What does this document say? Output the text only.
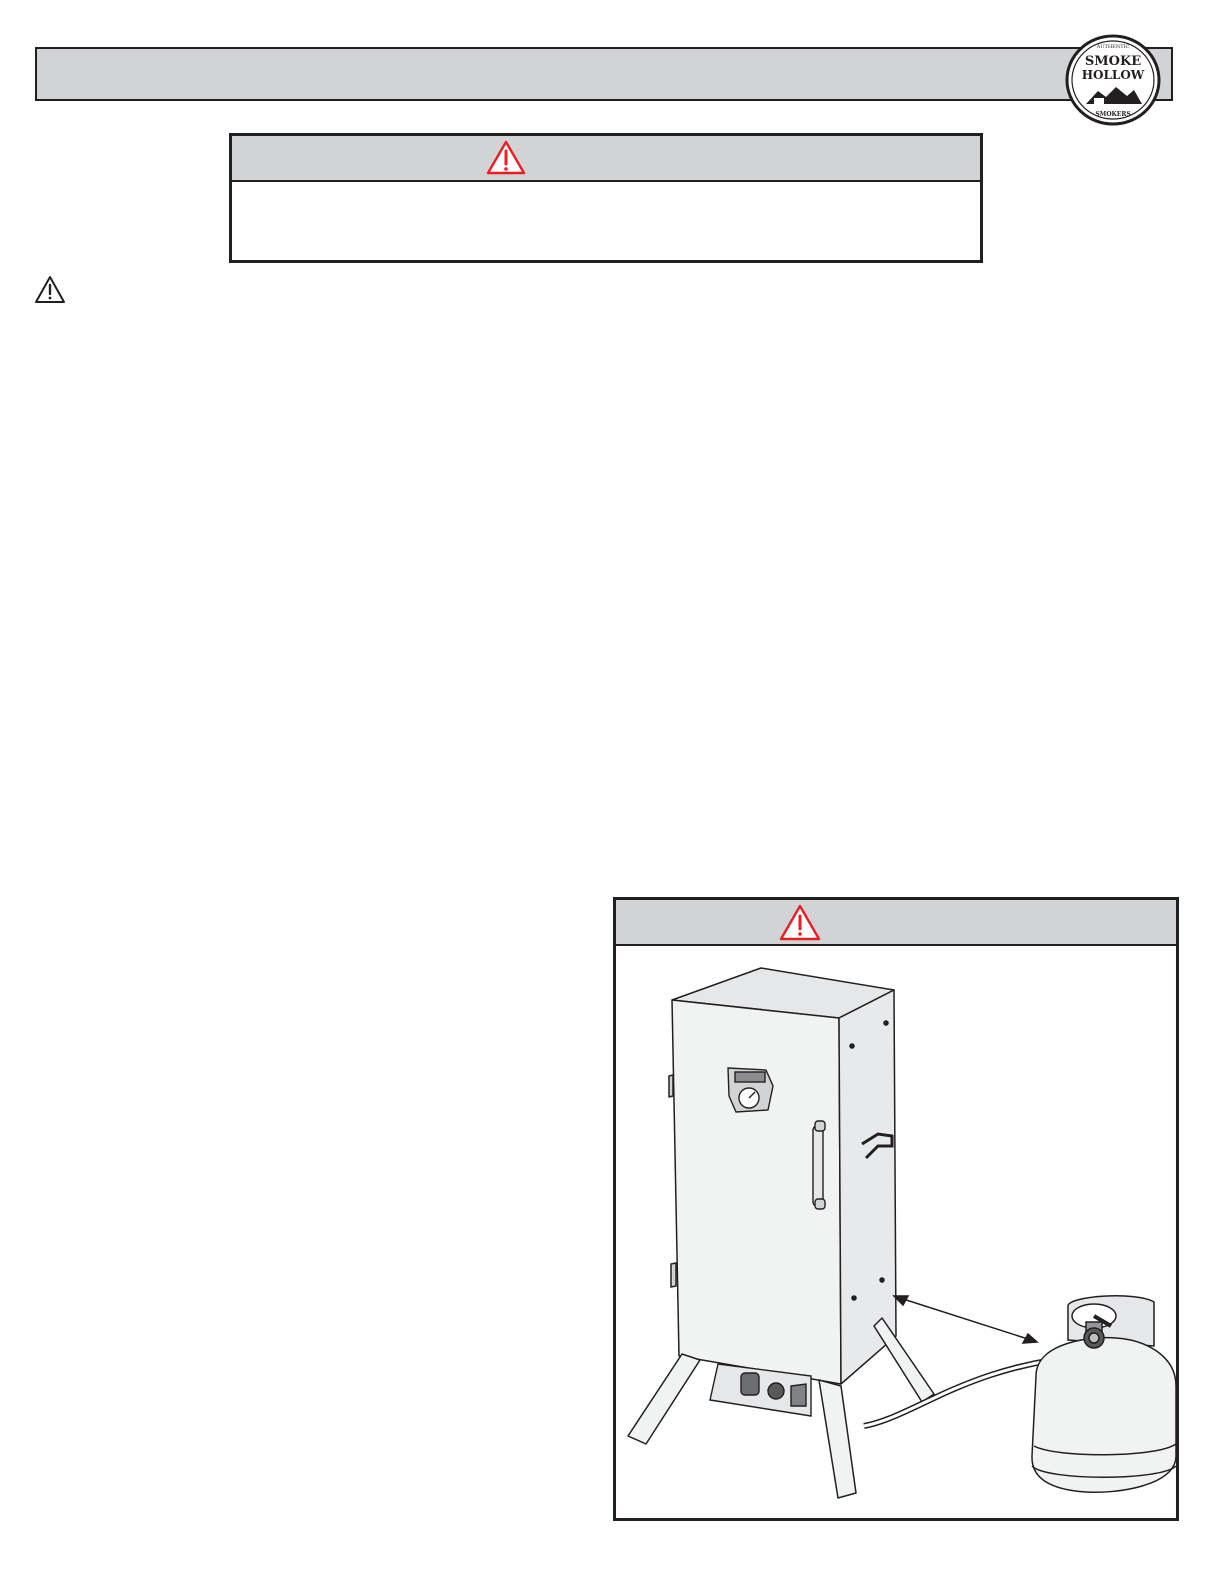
AUTHENTIC
SMOKE
HOLLOW
SMOKERS
